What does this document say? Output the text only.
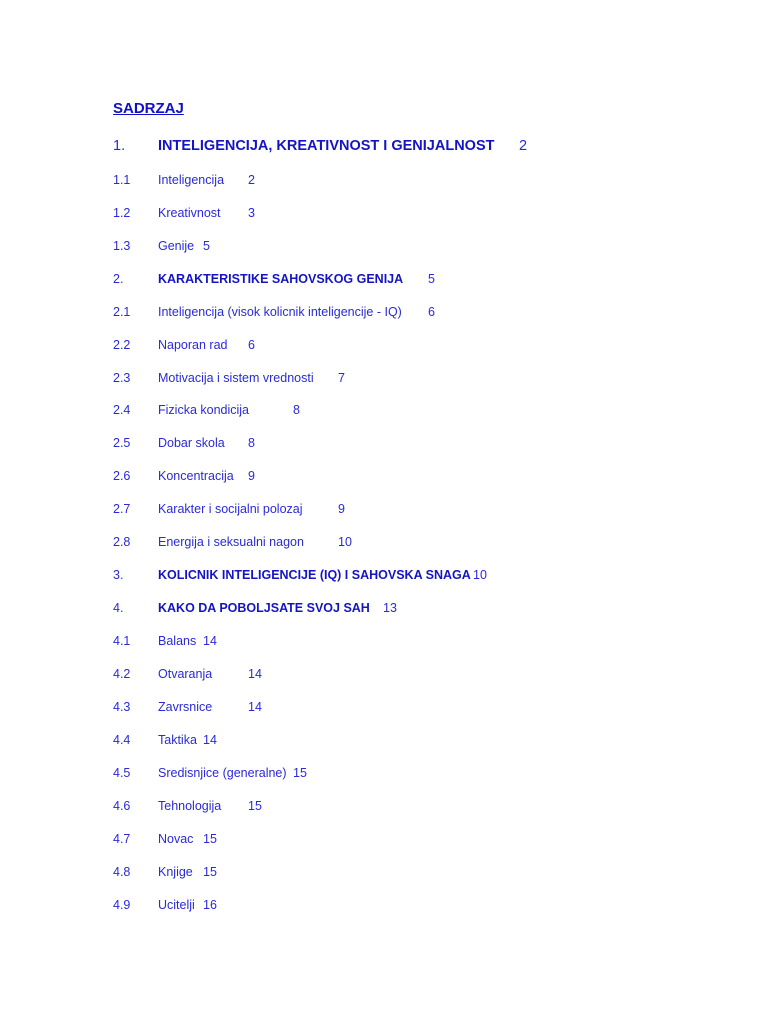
SADRZAJ
1. INTELIGENCIJA, KREATIVNOST I GENIJALNOST 2
1.1 Inteligencija 2
1.2 Kreativnost 3
1.3 Genije 5
2.	KARAKTERISTIKE SAHOVSKOG GENIJA 5
2.1 Inteligencija (visok kolicnik inteligencije - IQ) 6
2.2 Naporan rad 6
2.3 Motivacija i sistem vrednosti 7
2.4 Fizicka kondicija	8
2.5 Dobar skola 8
2.6 Koncentracija 9
2.7 Karakter i socijalni polozaj	9
2.8 Energija i seksualni nagon	10
3.	KOLICNIK INTELIGENCIJE (IQ) I SAHOVSKA SNAGA 10
4.	KAKO DA POBOLJSATE SVOJ SAH 13
4.1 Balans 14
4.2 Otvaranja	14
4.3 Zavrsnice	14
4.4 Taktika 14
4.5 Sredisnjice (generalne) 15
4.6 Tehnologija 15
4.7 Novac 15
4.8 Knjige 15
4.9 Ucitelji 16
